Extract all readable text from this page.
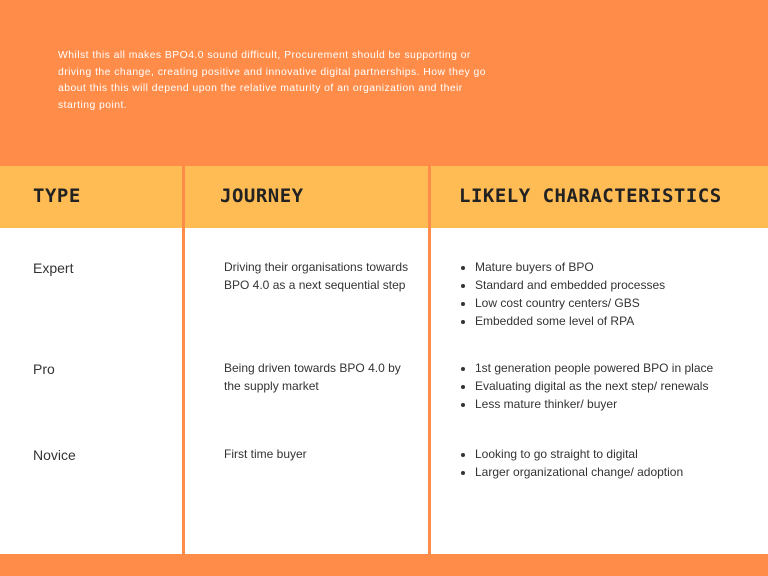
Whilst this all makes BPO4.0 sound difficult, Procurement should be supporting or driving the change, creating positive and innovative digital partnerships. How they go about this this will depend upon the relative maturity of an organization and their starting point.

TYPE	JOURNEY	LIKELY CHARACTERISTICS

Expert	Driving their organisations towards BPO 4.0 as a next sequential step

• Mature buyers of BPO
• Standard and embedded processes
• Low cost country centers/ GBS
• Embedded some level of RPA

Pro	Being driven towards BPO 4.0 by the supply market

• 1st generation people powered BPO in place
• Evaluating digital as the next step/ renewals
• Less mature thinker/ buyer

Novice	First time buyer

•	Looking to go straight to digital
• Larger organizational change/ adoption
